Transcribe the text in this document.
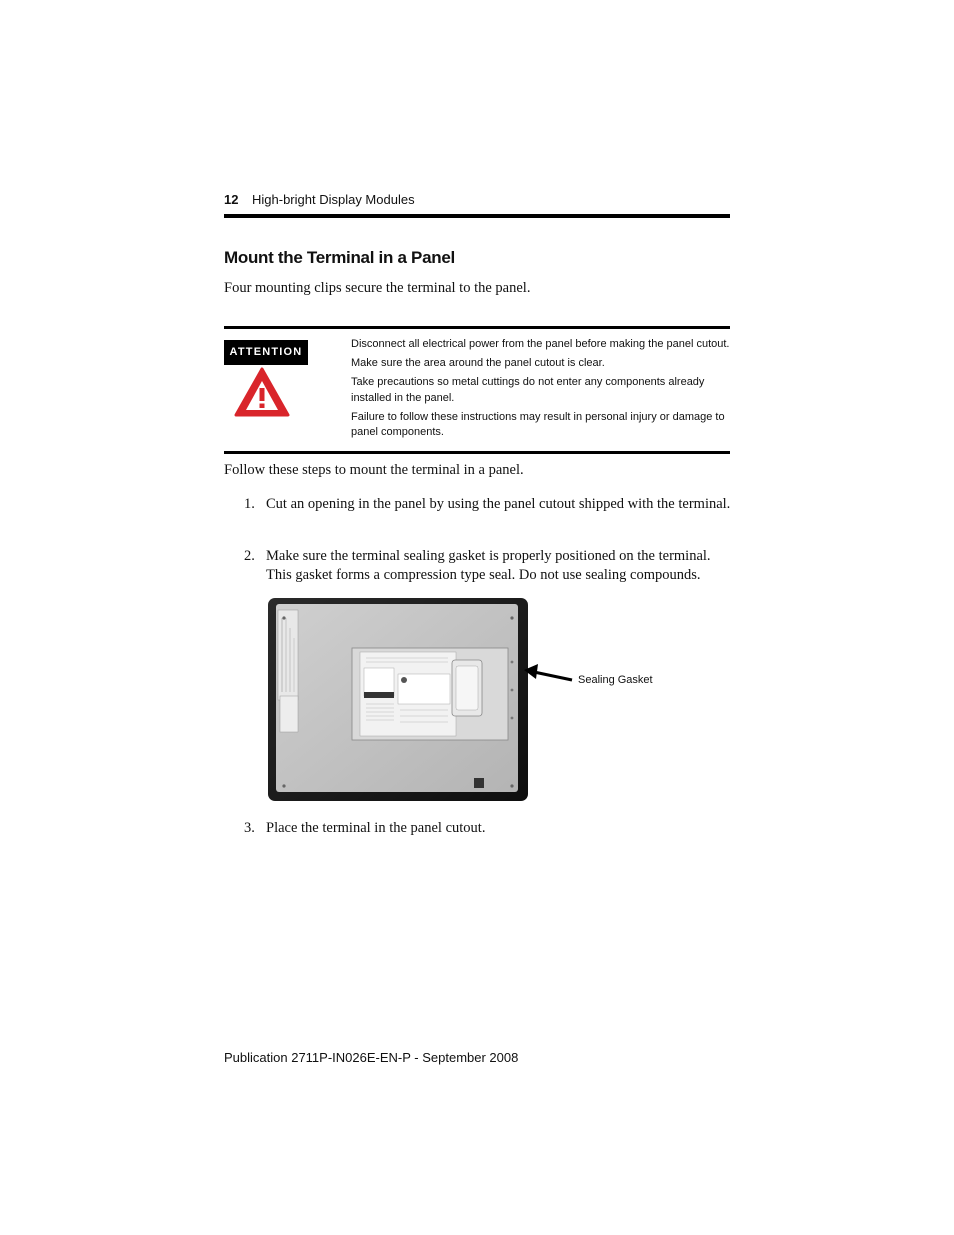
12 High-bright Display Modules
Mount the Terminal in a Panel
Four mounting clips secure the terminal to the panel.
ATTENTION

Disconnect all electrical power from the panel before making the panel cutout.

Make sure the area around the panel cutout is clear.

Take precautions so metal cuttings do not enter any components already installed in the panel.

Failure to follow these instructions may result in personal injury or damage to panel components.

Follow these steps to mount the terminal in a panel.
1. Cut an opening in the panel by using the panel cutout shipped with the terminal.
2. Make sure the terminal sealing gasket is properly positioned on the terminal. This gasket forms a compression type seal. Do not use sealing compounds.
Sealing Gasket
3. Place the terminal in the panel cutout.
Publication 2711P-IN026E-EN-P - September 2008
